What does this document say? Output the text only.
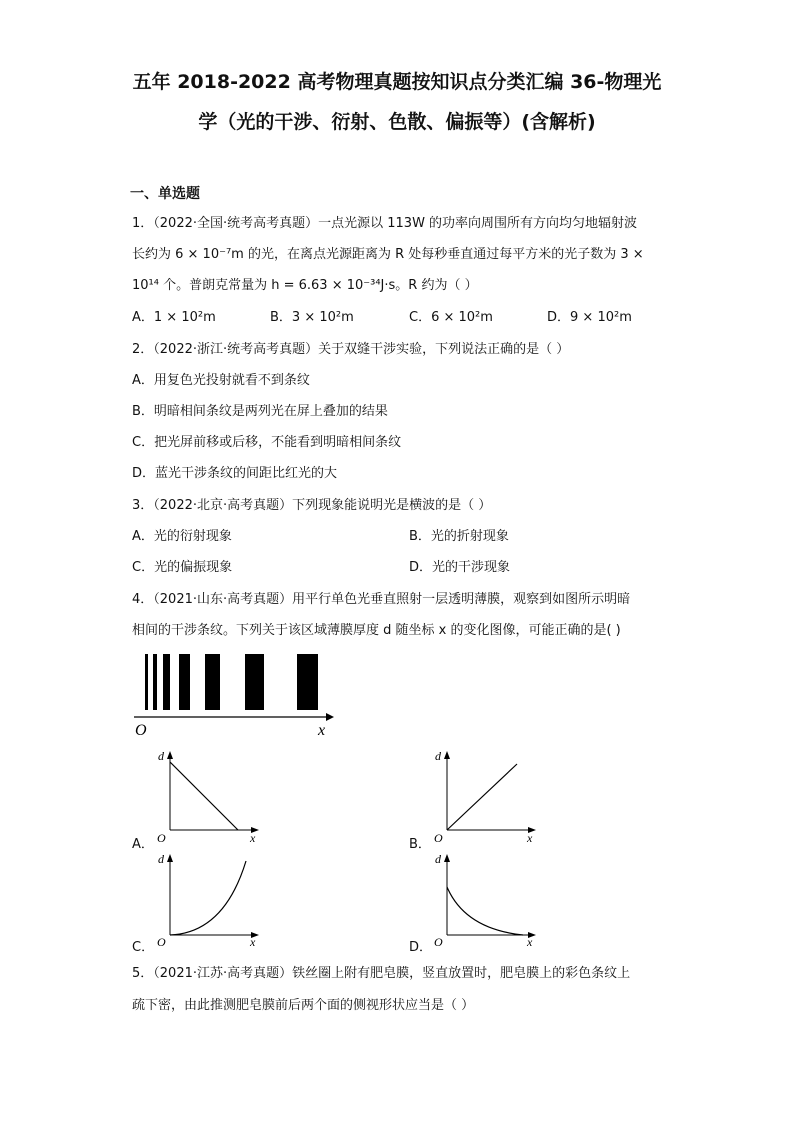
五年 2018-2022 高考物理真题按知识点分类汇编 36-物理光
学（光的干涉、衍射、色散、偏振等）(含解析)
一、单选题
1．（2022·全国·统考高考真题）一点光源以 113W 的功率向周围所有方向均匀地辐射波
长约为 6 × 10⁻⁷m 的光，在离点光源距离为 R 处每秒垂直通过每平方米的光子数为 3 ×
10¹⁴ 个。普朗克常量为 h = 6.63 × 10⁻³⁴J·s。R 约为（ ）
A．1 × 10²m	B．3 × 10²m	C．6 × 10²m	D．9 × 10²m
2．（2022·浙江·统考高考真题）关于双缝干涉实验，下列说法正确的是（ ）
A．用复色光投射就看不到条纹
B．明暗相间条纹是两列光在屏上叠加的结果
C．把光屏前移或后移，不能看到明暗相间条纹
D．蓝光干涉条纹的间距比红光的大
3．（2022·北京·高考真题）下列现象能说明光是横波的是（ ）
A．光的衍射现象	B．光的折射现象
C．光的偏振现象	D．光的干涉现象
4．（2021·山东·高考真题）用平行单色光垂直照射一层透明薄膜，观察到如图所示明暗
相间的干涉条纹。下列关于该区域薄膜厚度 d 随坐标 x 的变化图像，可能正确的是( )
O	x
A．
d
O	x	B．
d
O	x
C．
d
O	x	D．
d
O	x
5．（2021·江苏·高考真题）铁丝圈上附有肥皂膜，竖直放置时，肥皂膜上的彩色条纹上
疏下密，由此推测肥皂膜前后两个面的侧视形状应当是（ ）
